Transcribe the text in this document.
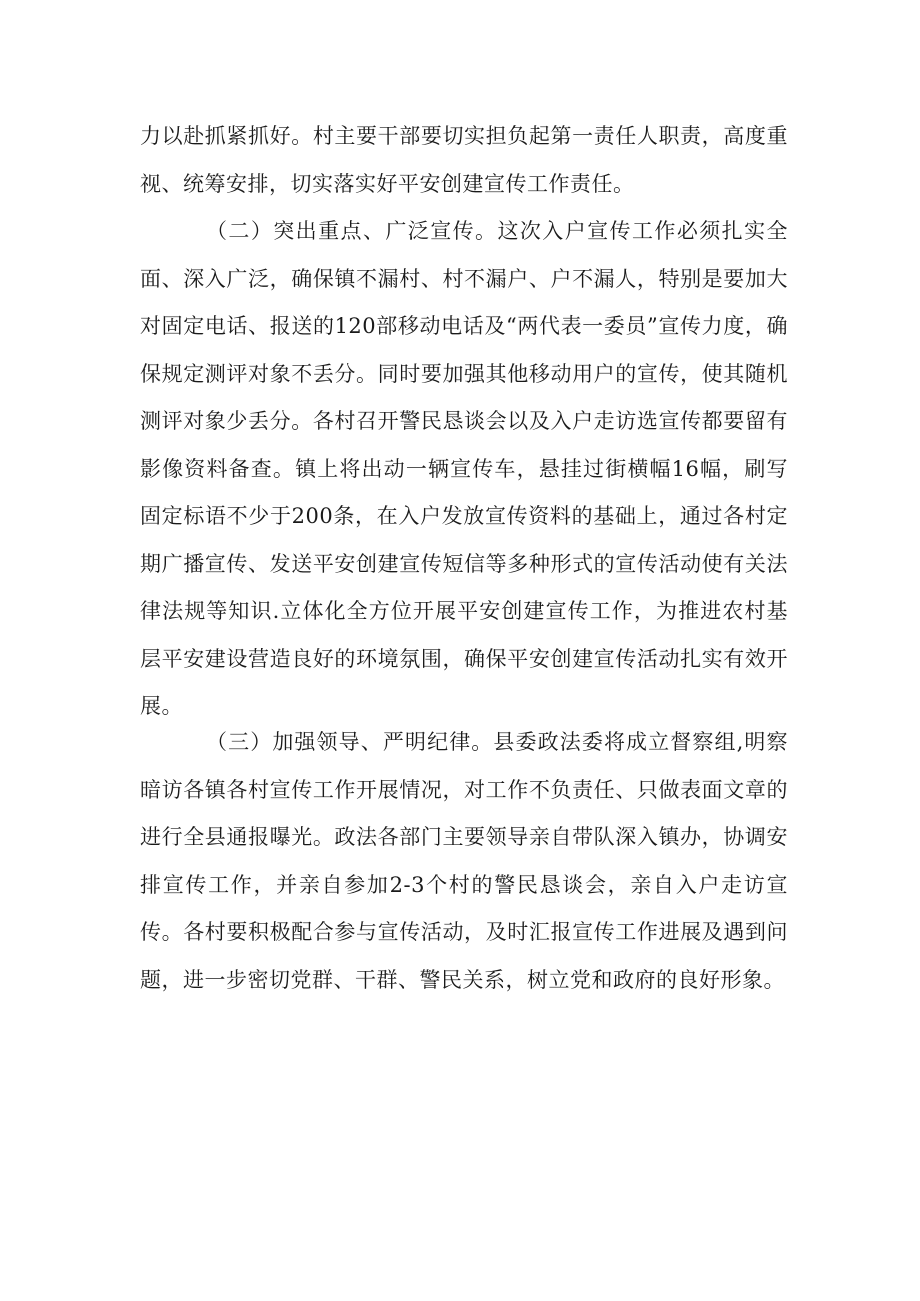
力以赴抓紧抓好。村主要干部要切实担负起第一责任人职责，高度重视、统筹安排，切实落实好平安创建宣传工作责任。

（二）突出重点、广泛宣传。这次入户宣传工作必须扎实全面、深入广泛，确保镇不漏村、村不漏户、户不漏人，特别是要加大对固定电话、报送的120部移动电话及“两代表一委员”宣传力度，确保规定测评对象不丢分。同时要加强其他移动用户的宣传，使其随机测评对象少丢分。各村召开警民恳谈会以及入户走访选宣传都要留有影像资料备查。镇上将出动一辆宣传车，悬挂过街横幅16幅，刷写固定标语不少于200条，在入户发放宣传资料的基础上，通过各村定期广播宣传、发送平安创建宣传短信等多种形式的宣传活动使有关法律法规等知识.立体化全方位开展平安创建宣传工作，为推进农村基层平安建设营造良好的环境氛围，确保平安创建宣传活动扎实有效开展。

（三）加强领导、严明纪律。县委政法委将成立督察组,明察暗访各镇各村宣传工作开展情况，对工作不负责任、只做表面文章的进行全县通报曝光。政法各部门主要领导亲自带队深入镇办，协调安排宣传工作，并亲自参加2-3个村的警民恳谈会，亲自入户走访宣传。各村要积极配合参与宣传活动，及时汇报宣传工作进展及遇到问题，进一步密切党群、干群、警民关系，树立党和政府的良好形象。
